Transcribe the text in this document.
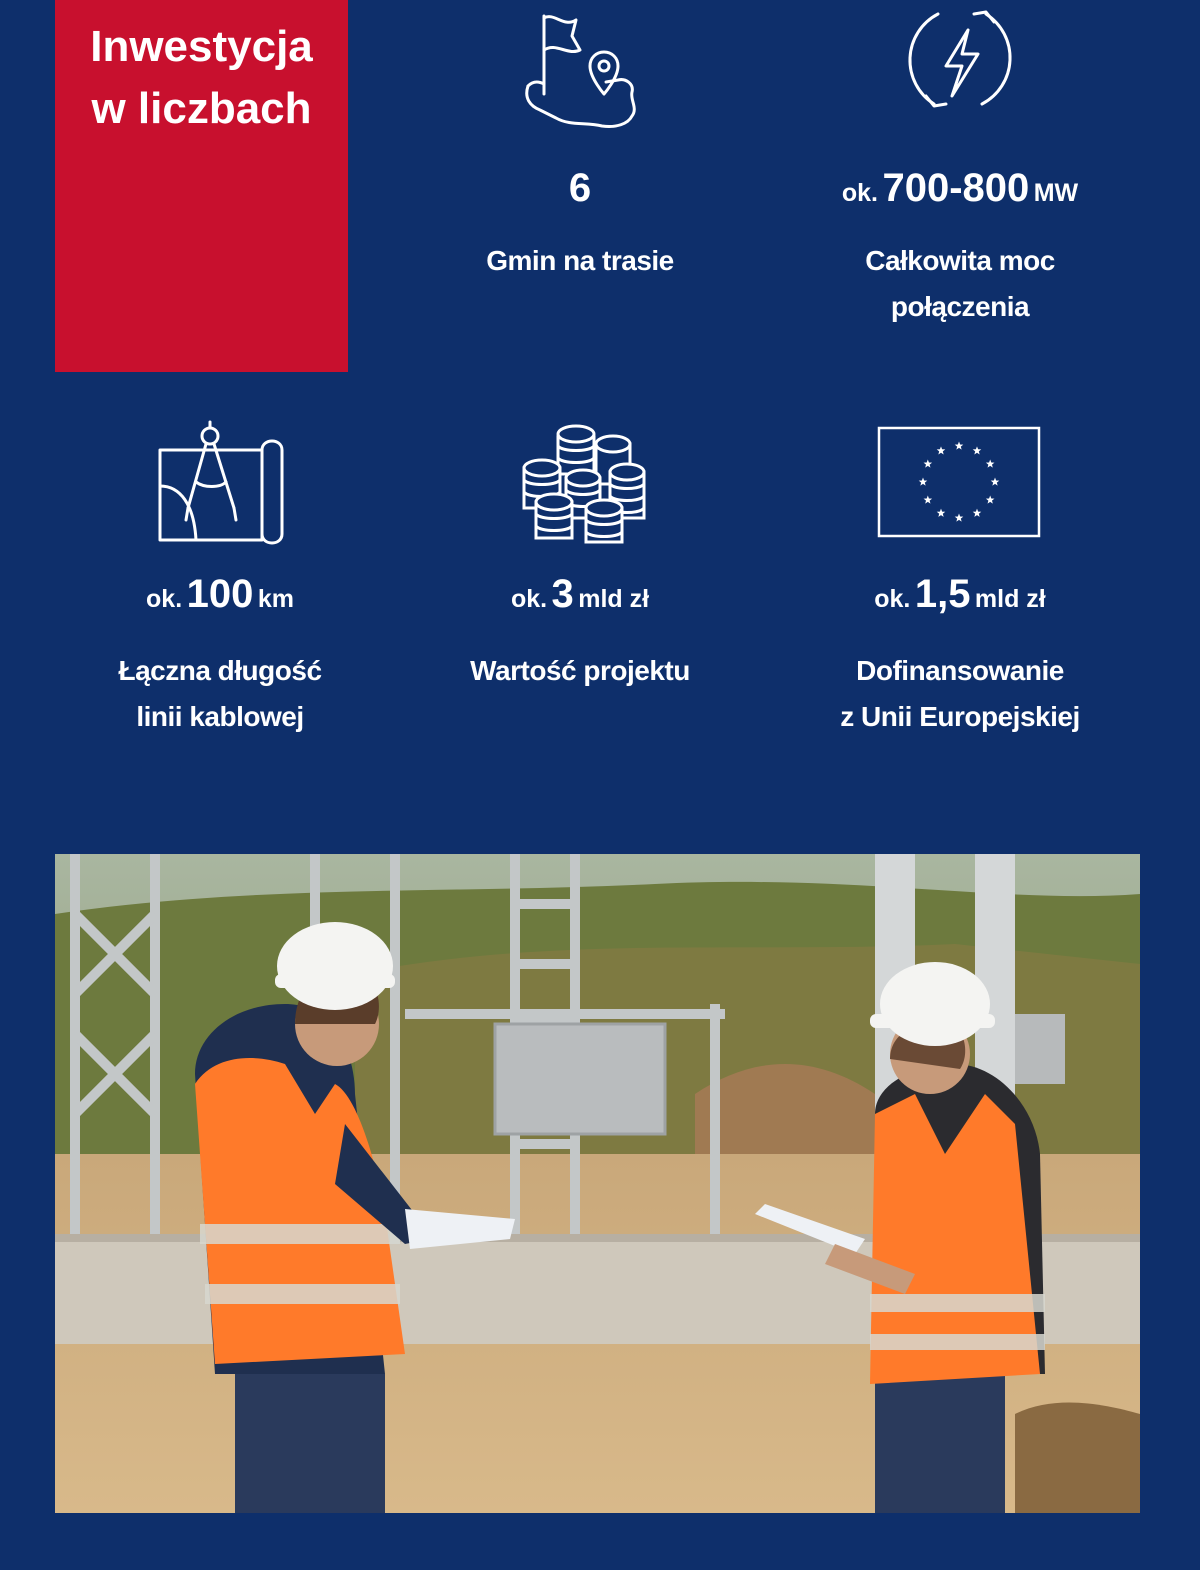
Inwestycja
w liczbach
6
Gmin na trasie
ok. 700-800 MW
Całkowita moc
połączenia
ok. 100 km
Łączna długość
linii kablowej
ok. 3 mld zł
Wartość projektu
ok. 1,5 mld zł
Dofinansowanie
z Unii Europejskiej
